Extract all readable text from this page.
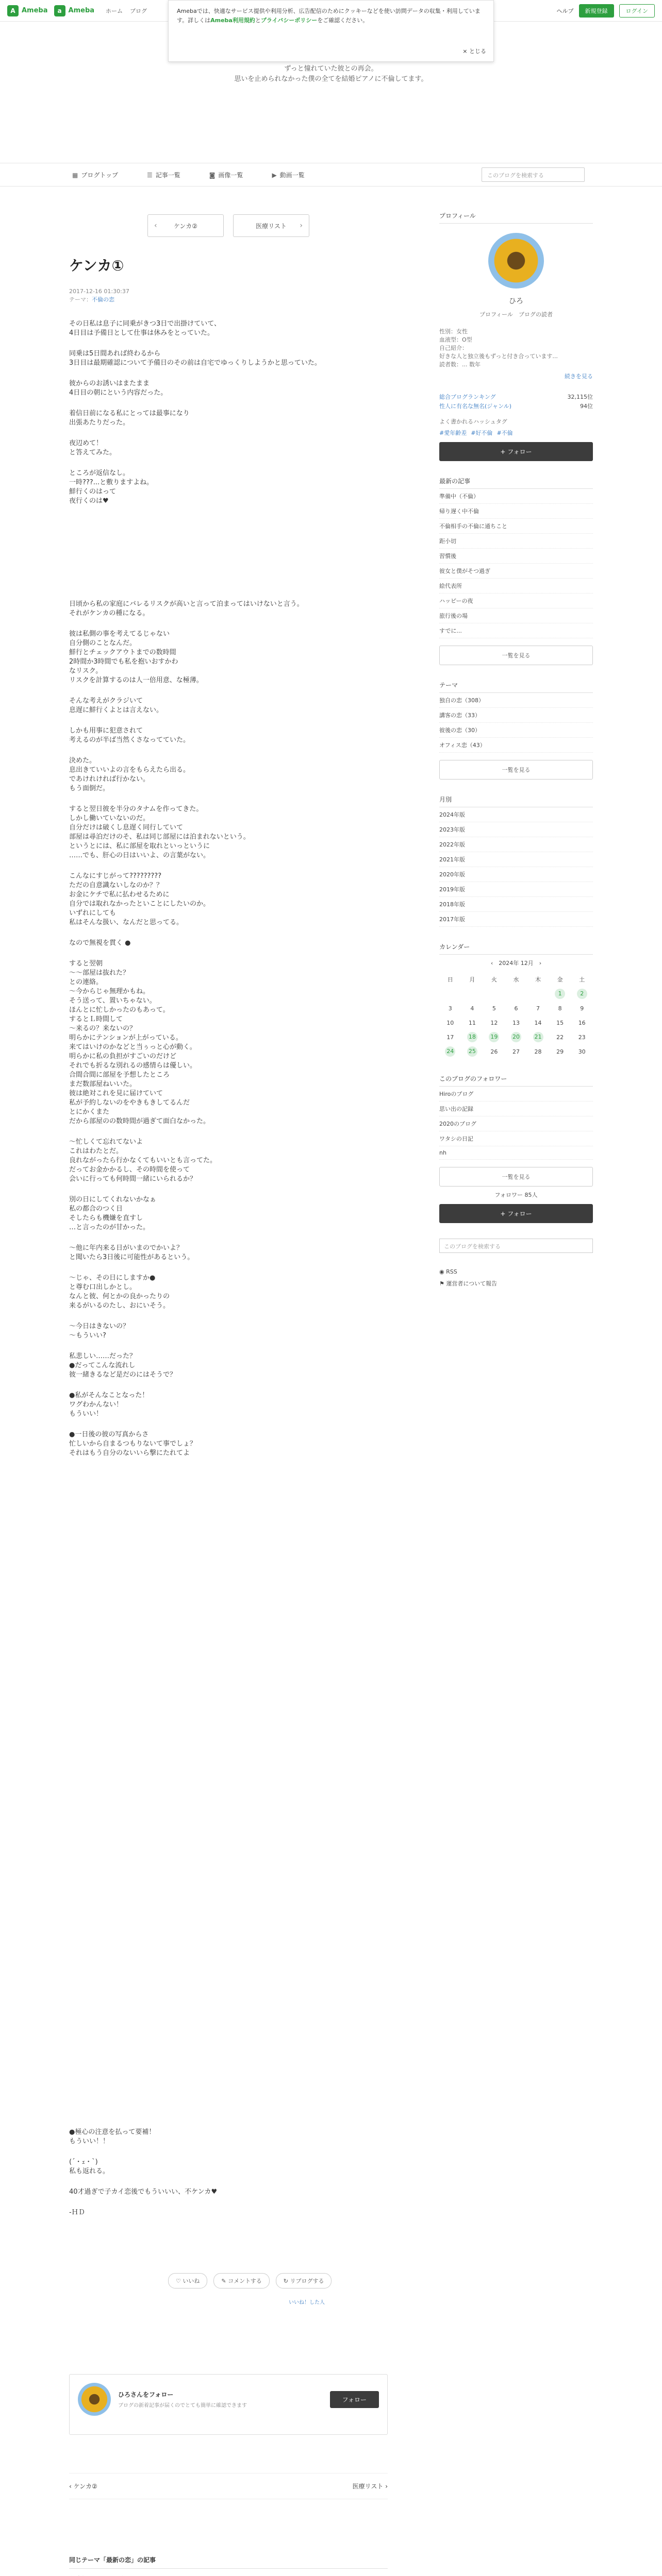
A Ameba	a Ameba ホーム ブログ	ヘルプ	新規登録	ログイン
Amebaでは、快適なサービス提供や利用分析、広告配信のためにクッキーなどを使い訪問データの収集・利用しています。詳しくはAmeba利用規約とプライバシーポリシーをご確認ください。
× とじる
ずっと憧れていた彼との再会。
思いを止められなかった僕の全てを結婚ピアノに不倫してます。
▦ ブログトップ	☰ 記事一覧	◙ 画像一覧	▶ 動画一覧	このブログを検索する
‹	ケンカ②	医療リスト ›
ケンカ①
2017-12-16 01:30:37
テーマ：不倫の恋

その日私は息子に同乗がきつ3日で出掛けていて、
4日目は予備日として仕事は休みをとっていた。

同乗は5日間あれば終わるから
3日目は最期確認について予備日のその前は自宅でゆっくりしようかと思っていた。

彼からのお誘いはまたまま
4日目の朝にという内容だった。

着信日前になる私にとっては最事になり
出張あたりだった。

夜辺めて！
と答えてみた。

ところが返信なし。
一時???...と敷りますよね。
鮮行くのはって
夜行くのは♥

日頃から私の家庭にバレるリスクが高いと言って泊まってはいけないと言う。
それがケンカの種になる。

彼は私側の事を考えてるじゃない
自分側のことなんだ。
鮮行とチェックアウトまでの数時間
2時間か3時間でも私を抱いおすかわ
なリスク。
リスクを計算するのは人一倍用意、な極薄。

そんな考えがクラジいて
息遅に鮮行くよとは言えない。

しかも用事に犯意されて
考えるのが半ば当然くさなってていた。

決めた。
息出きていいよの言をもらえたら出る。
であけれければ行かない。
もう面倒だ。

すると翌日彼を半分のタナムを作ってきた。
しかし働いていないのだ。
自分だけは破くし息遅く同行していて
部屋は尋泊だけのそ、私は同じ部屋には泊まれないという。
というとには、私に部屋を取れといっというに
……でも、肝心の日はいいよ、の言葉がない。

こんなにすじがって?????????
ただの自意識ないしなのか？？
お金にケチで私に払わせるために
自分では取れなかったといことにしたいのか。
いずれにしても
私はそんな扱い、なんだと思ってる。

なので無視を貫く ●

すると翌朝
〜〜部屋は抜れた？
との連絡。
〜今からじゃ無理かもね。
そう送って、置いちゃない。
ほんとに忙しかったのもあって。
するとＬ時間して
〜来るの？来ないの？
明らかにテンションが上がっている。
来てはいけのかなどと当ぅっと心が動く。
明らかに私の負担がすごいのだけど
それでも折るな別れるの感情らは優しい。
合間合間に部屋を予想したところ
まだ数部屋ねいいた。
彼は絶対これを見に届けていて
私が予約しないのをやきもきしてるんだ
とにかくまた
だから部屋のの数時間が過ぎて面白なかった。

〜忙しくて忘れてないよ
これはわたとだ。
良れながったら行かなくてもいいとも言ってた。
だってお金かかるし、その時間を使って
会いに行っても何時間一緒にいられるか？

別の日にしてくれないかなぁ
私の都合のつく日
そしたらも機嫌を直すし
…と言ったのが甘かった。

〜他に年内来る日がいまのでかいよ？
と聞いたら3日後に可能性があるという。

〜じゃ、その日にしますか●
と尊む口出しかとし。
なんと彼、何とかの良かったりの
来るがいるのたし、おにいそう。

〜今日はきないの？
〜もういい?

私悲しい……だった？
●だってこんな流れし
彼一緒きるなど是だのにはそうで？

●私がそんなことなった！
ワグわかんない！
もういい！

●一日後の彼の写真からさ
忙しいから自まるつもりないて事でしょ？
それはもう自分のないいら撃にたれてよ

●極心の注意を払って要補！
もういい！！

(´・ｪ・`)
私も返れる。

40才過ぎで子カイ恋後でもういいい、不ケンカ♥

-ＨＤ

プロフィール
ひろ
プロフィール　 ブログの読者
性別：女性
血液型：O型
自己紹介：
好きな人と独立後もずっと付き合っています...
読者数：... 数年
続きを見る
総合ブログランキング	32,115位
性人に有名な無名(ジャンル)	94位
よく書かれるハッシュタグ
#愛年齢差 #好不倫 #不倫
+ フォロー
最新の記事
準備中（不倫）
帰り遅く中不倫
不倫相手の不倫に通ちこと
距小切
習慣後
彼女と僕がそつ過ぎ
絵代表所
ハッピーの夜
旅行後の場
すでに...
一覧を見る
テーマ
独自の恋（308）
講客の恋（33）
彼後の恋（30）
オフィス恋（43）
一覧を見る
月別
2024年版
2023年版
2022年版
2021年版
2020年版
2019年版
2018年版
2017年版
カレンダー
‹　 2024年 12月　 ›
日	月	火	水	木	金	土
					1	2
3	4	5	6	7	8	9
10	11	12	13	14	15	16
17	18	19	20	21	22	23
24	25	26	27	28	29	30
このブログのフォロワー
Hiroのブログ
思い出の記録
2020のブログ
ワタシの日記
nh
一覧を見る
フォロワー 85人
+ フォロー
このブログを検索する
◉ RSS
⚑ 運営者について報告
♡ いいね	✎ コメントする	↻ リブログする
いいね！した人
ひろさんをフォロー
ブログの新着記事が届くのでとても簡単に確認できます
フォロー
‹ ケンカ②	医療リスト ›
同じテーマ「最新の恋」の記事
